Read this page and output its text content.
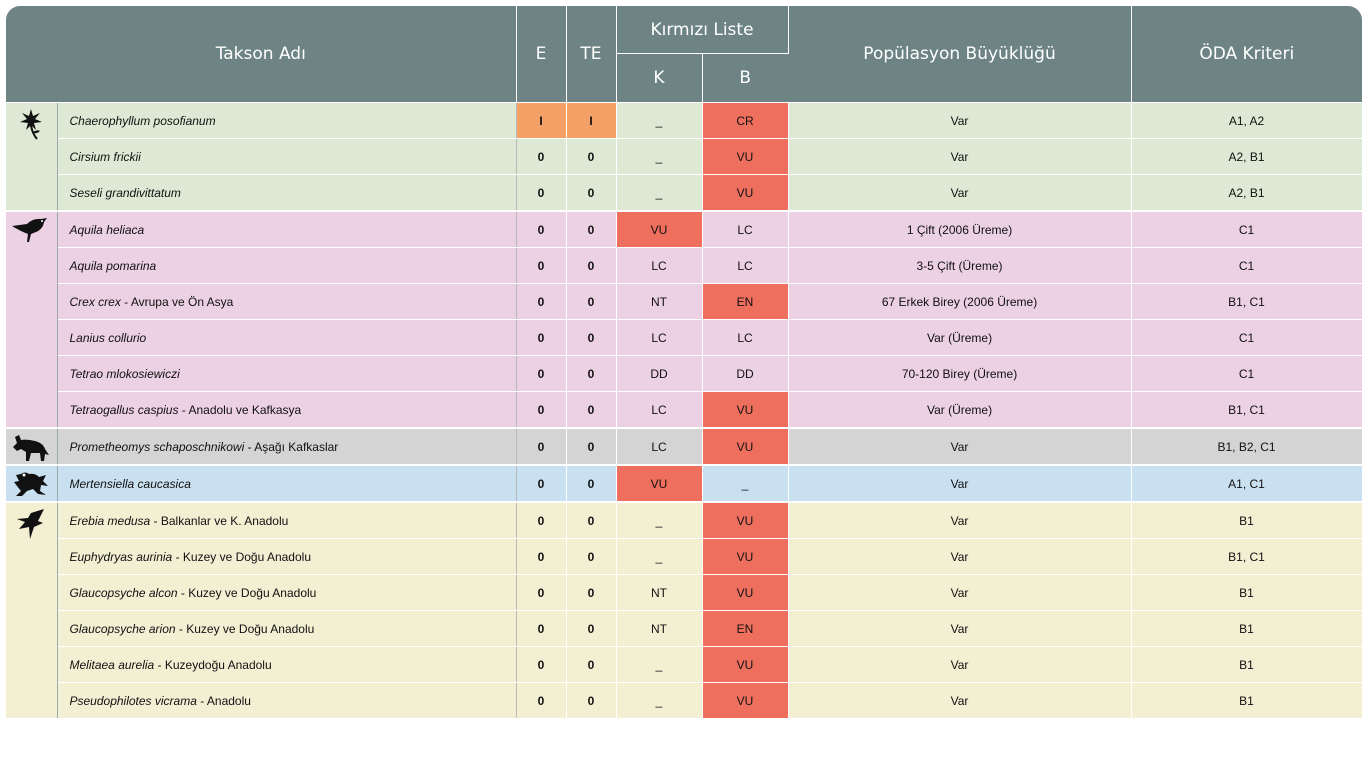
Takson Adı		E	TE	Kırmızı Liste		Popülasyon Büyüklüğü	ÖDA Kriteri
				K	B		

	Chaerophyllum posofianum	I	I	_	CR	Var	A1, A2
	Cirsium frickii	0	0	_	VU	Var	A2, B1
	Seseli grandivittatum	0	0	_	VU	Var	A2, B1

	Aquila heliaca	0	0	VU	LC	1 Çift (2006 Üreme)	C1
	Aquila pomarina	0	0	LC	LC	3-5 Çift (Üreme)	C1
	Crex crex - Avrupa ve Ön Asya	0	0	NT	EN	67 Erkek Birey (2006 Üreme)	B1, C1
	Lanius collurio	0	0	LC	LC	Var (Üreme)	C1
	Tetrao mlokosiewiczi	0	0	DD	DD	70-120 Birey (Üreme)	C1
	Tetraogallus caspius - Anadolu ve Kafkasya	0	0	LC	VU	Var (Üreme)	B1, C1

	Prometheomys schaposchnikowi - Aşağı Kafkaslar	0	0	LC	VU	Var	B1, B2, C1

	Mertensiella caucasica	0	0	VU	_	Var	A1, C1

	Erebia medusa - Balkanlar ve K. Anadolu	0	0	_	VU	Var	B1
	Euphydryas aurinia - Kuzey ve Doğu Anadolu	0	0	_	VU	Var	B1, C1
	Glaucopsyche alcon - Kuzey ve Doğu Anadolu	0	0	NT	VU	Var	B1
	Glaucopsyche arion - Kuzey ve Doğu Anadolu	0	0	NT	EN	Var	B1
	Melitaea aurelia - Kuzeydoğu Anadolu	0	0	_	VU	Var	B1
	Pseudophilotes vicrama - Anadolu	0	0	_	VU	Var	B1
